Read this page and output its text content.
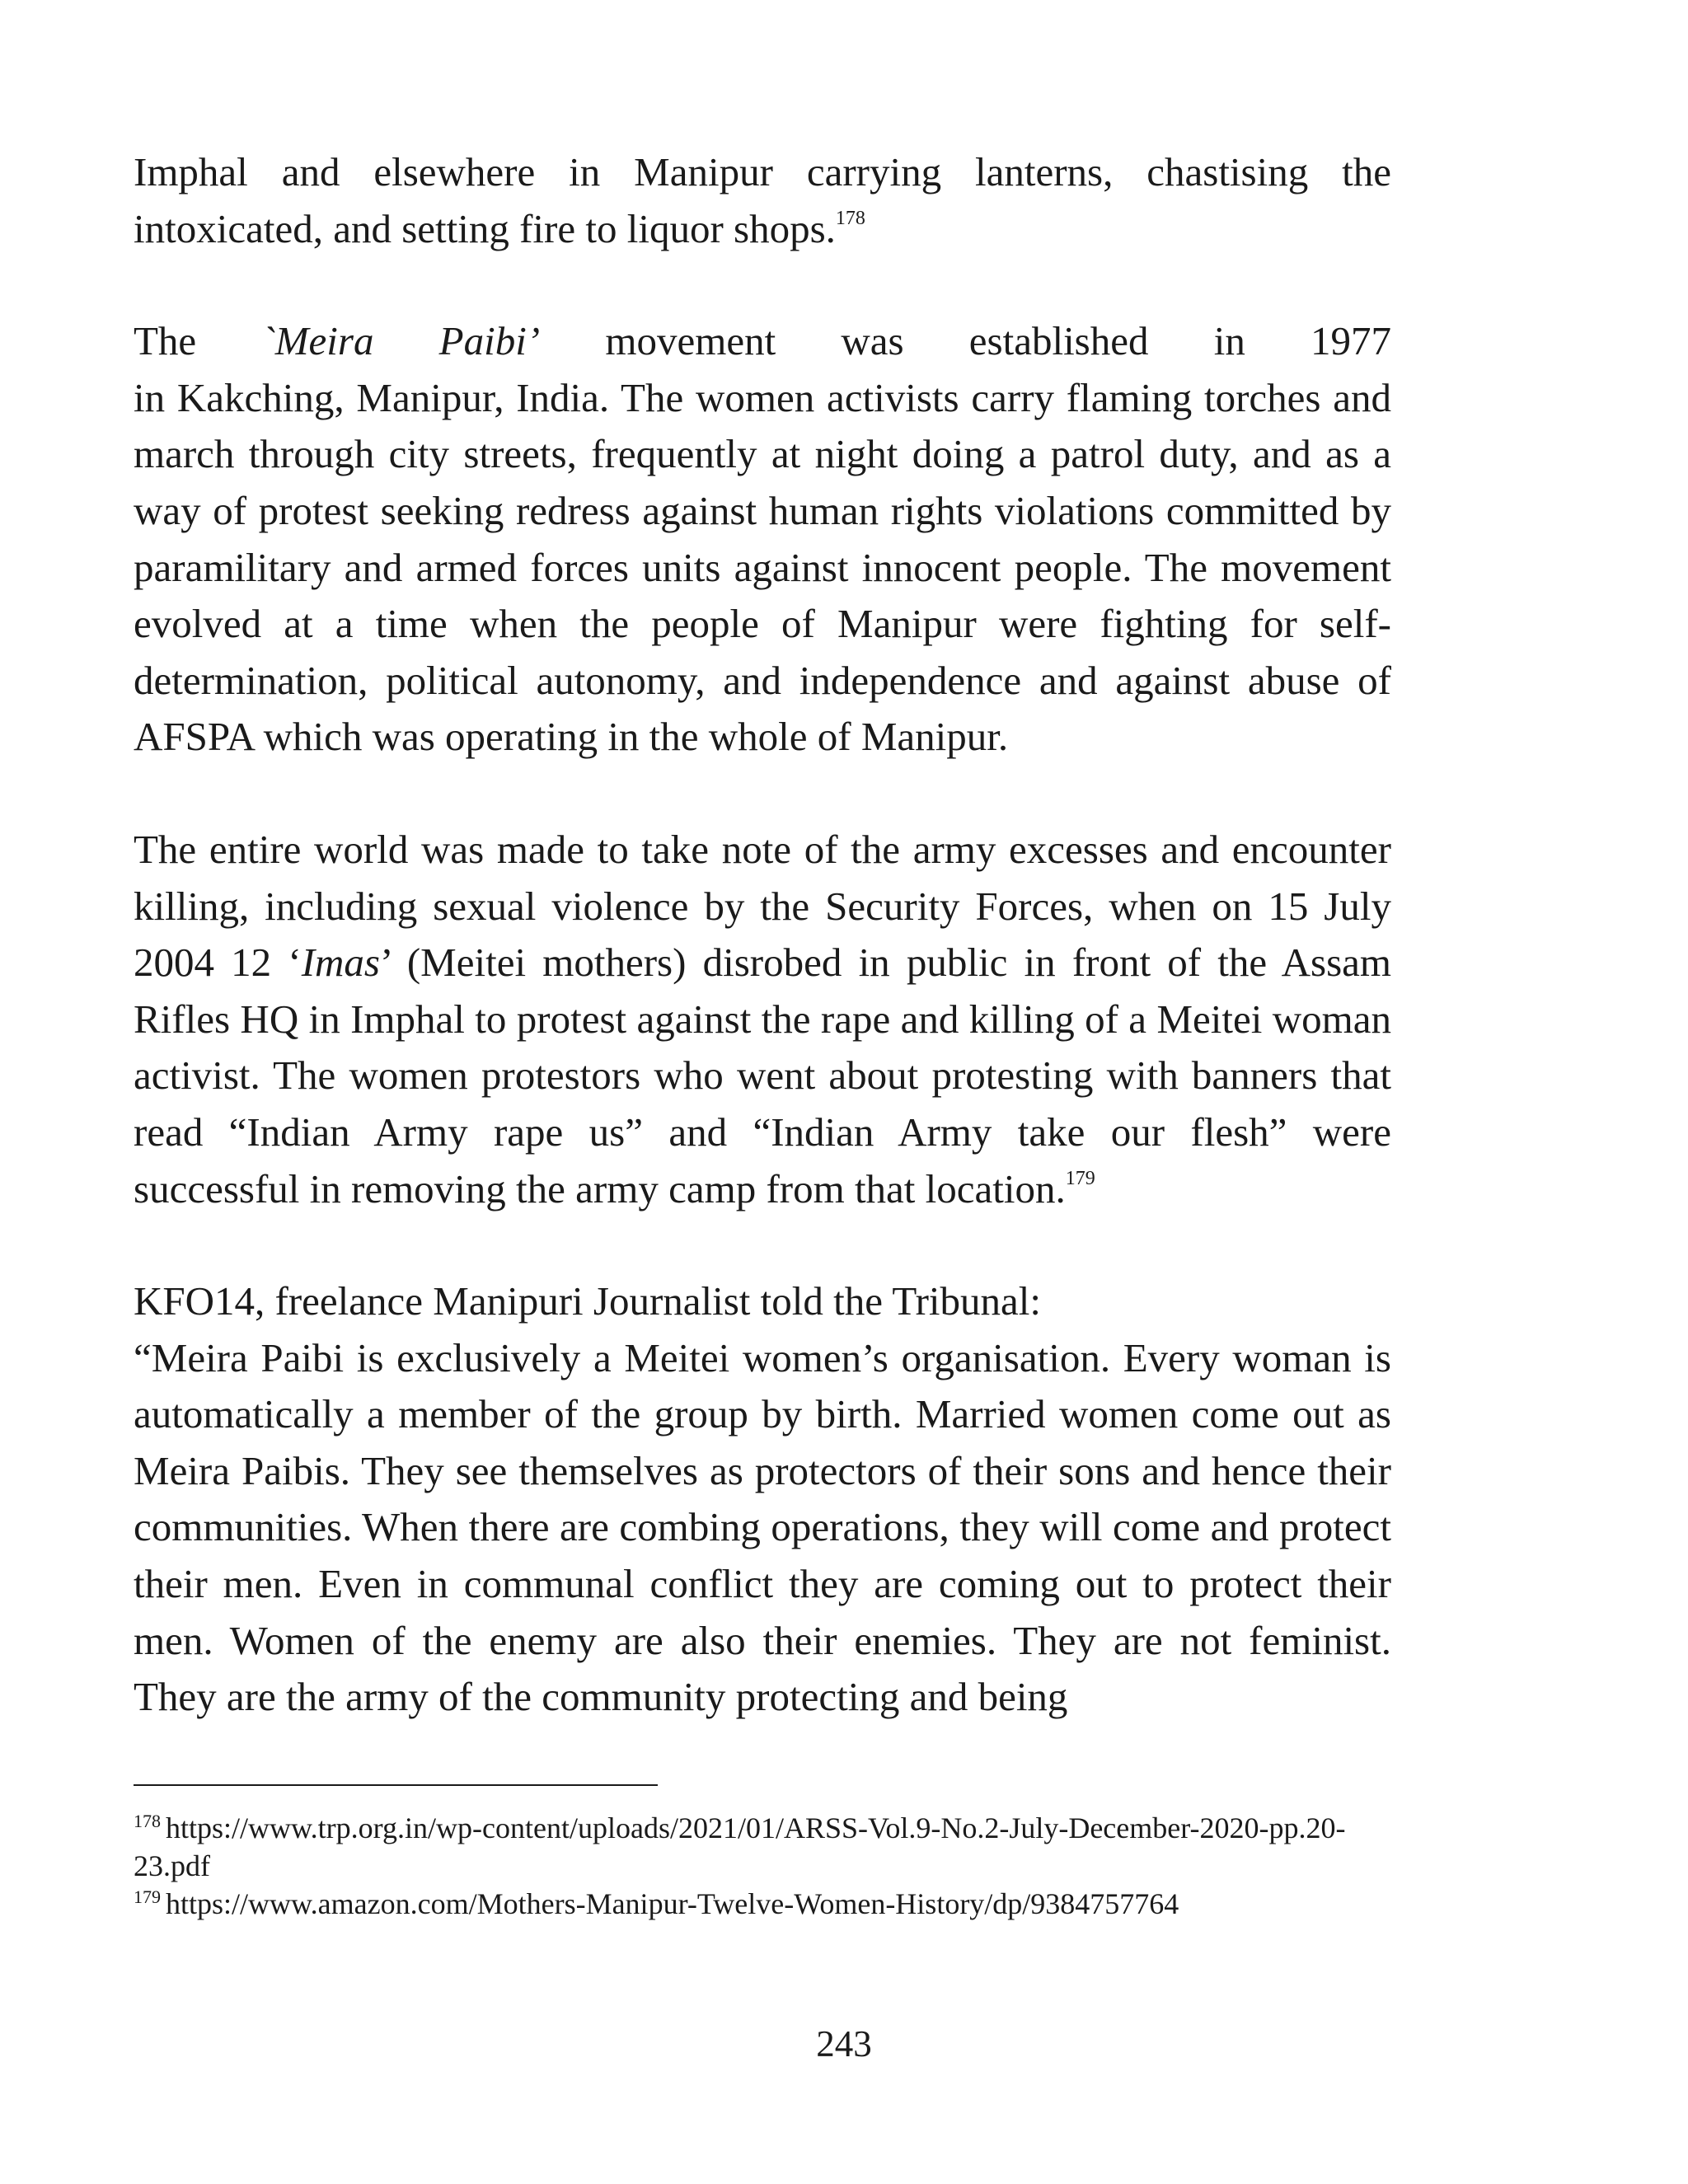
Imphal and elsewhere in Manipur carrying lanterns, chastising the intoxicated, and setting fire to liquor shops.$^{178}$

The `Meira Paibi’ movement was established in 1977
in Kakching, Manipur, India. The women activists carry flaming torches and march through city streets, frequently at night doing a patrol duty, and as a way of protest seeking redress against human rights violations committed by paramilitary and armed forces units against innocent people. The movement evolved at a time when the people of Manipur were fighting for self-determination, political autonomy, and independence and against abuse of AFSPA which was operating in the whole of Manipur.

The entire world was made to take note of the army excesses and encounter killing, including sexual violence by the Security Forces, when on 15 July 2004 12 ‘Imas’ (Meitei mothers) disrobed in public in front of the Assam Rifles HQ in Imphal to protest against the rape and killing of a Meitei woman activist. The women protestors who went about protesting with banners that read “Indian Army rape us” and “Indian Army take our flesh” were successful in removing the army camp from that location.$^{179}$

KFO14, freelance Manipuri Journalist told the Tribunal:

“Meira Paibi is exclusively a Meitei women’s organisation. Every woman is automatically a member of the group by birth. Married women come out as Meira Paibis. They see themselves as protectors of their sons and hence their communities. When there are combing operations, they will come and protect their men. Even in communal conflict they are coming out to protect their men. Women of the enemy are also their enemies. They are not feminist. They are the army of the community protecting and being

$^{178}$ https://www.trp.org.in/wp-content/uploads/2021/01/ARSS-Vol.9-No.2-July-December-2020-pp.20-23.pdf

$^{179}$ https://www.amazon.com/Mothers-Manipur-Twelve-Women-History/dp/9384757764

243
